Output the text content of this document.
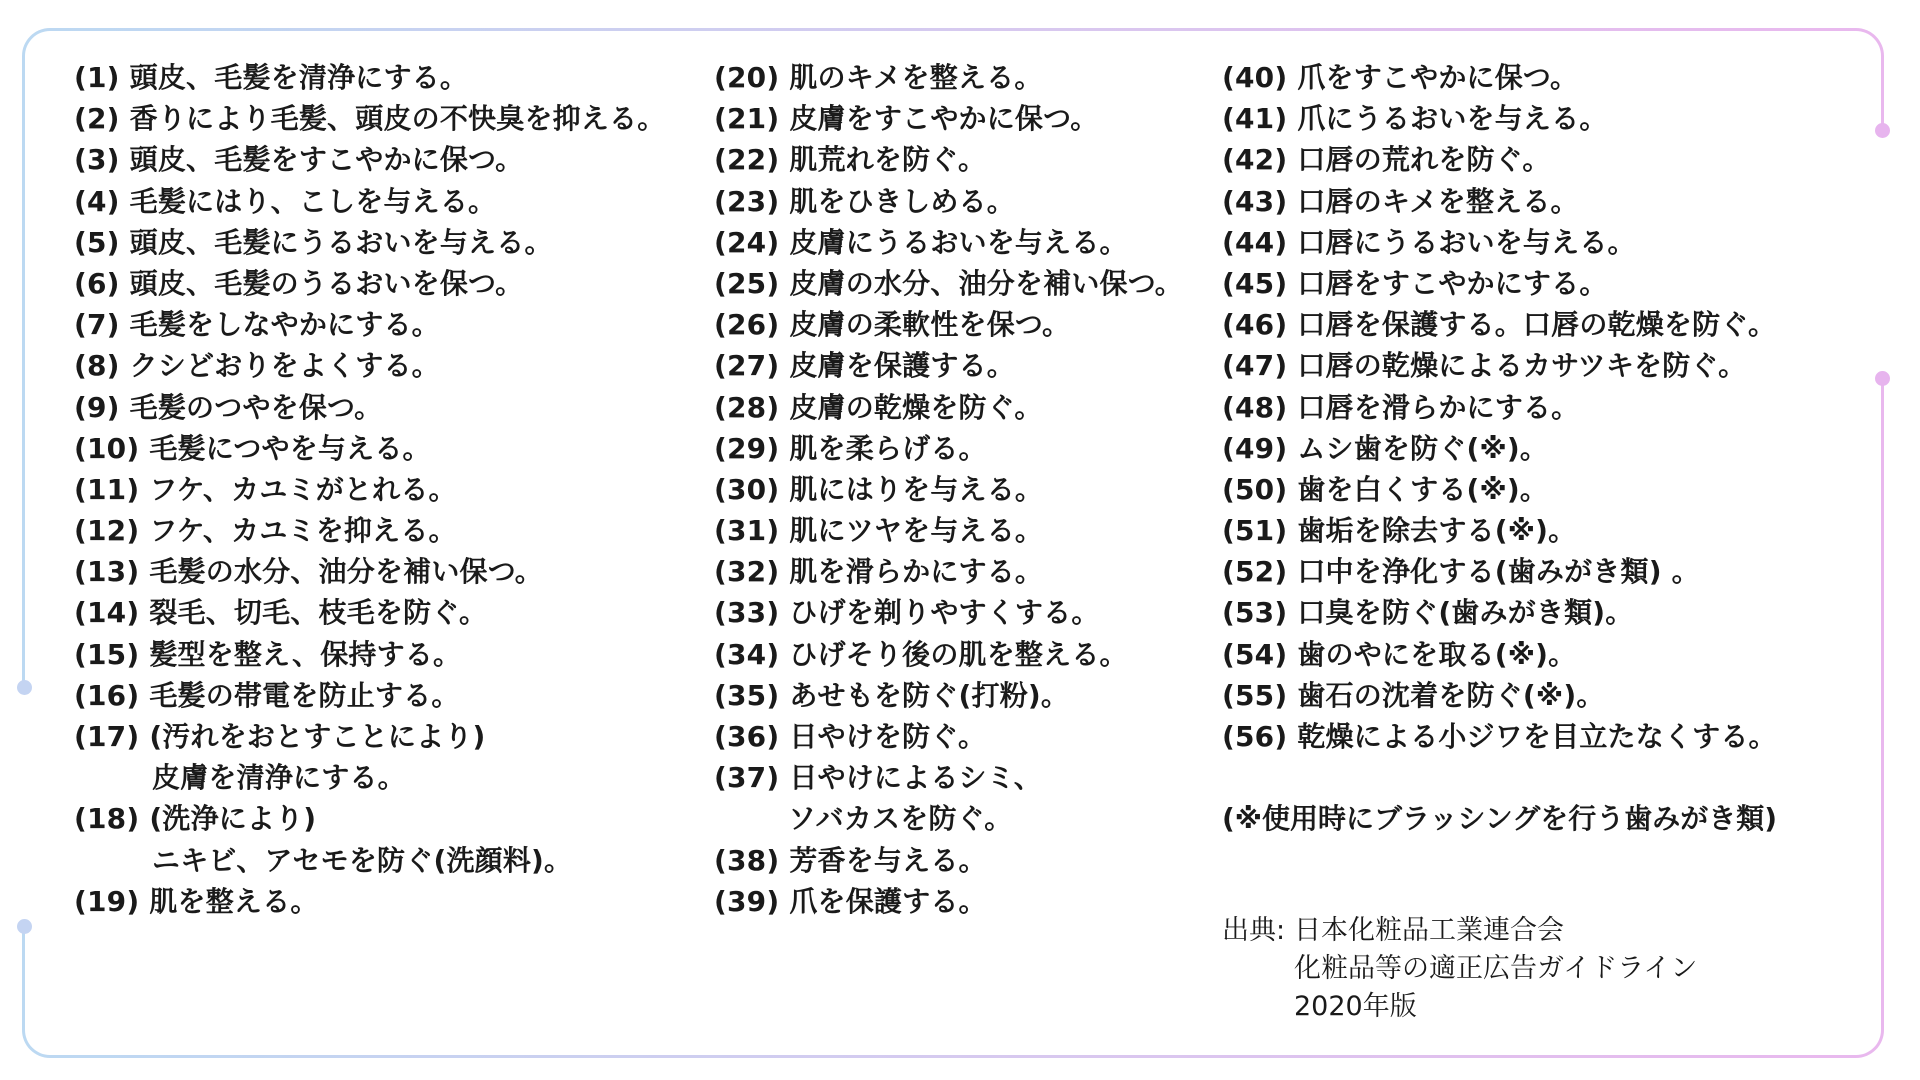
(1) 頭皮、毛髪を清浄にする。
(2) 香りにより毛髪、頭皮の不快臭を抑える。
(3) 頭皮、毛髪をすこやかに保つ。
(4) 毛髪にはり、こしを与える。
(5) 頭皮、毛髪にうるおいを与える。
(6) 頭皮、毛髪のうるおいを保つ。
(7) 毛髪をしなやかにする。
(8) クシどおりをよくする。
(9) 毛髪のつやを保つ。
(10) 毛髪につやを与える。
(11) フケ、カユミがとれる。
(12) フケ、カユミを抑える。
(13) 毛髪の水分、油分を補い保つ。
(14) 裂毛、切毛、枝毛を防ぐ。
(15) 髪型を整え、保持する。
(16) 毛髪の帯電を防止する。
(17) (汚れをおとすことにより)
皮膚を清浄にする。
(18) (洗浄により)
ニキビ、アセモを防ぐ(洗顔料)。
(19) 肌を整える。
(20) 肌のキメを整える。
(21) 皮膚をすこやかに保つ。
(22) 肌荒れを防ぐ。
(23) 肌をひきしめる。
(24) 皮膚にうるおいを与える。
(25) 皮膚の水分、油分を補い保つ。
(26) 皮膚の柔軟性を保つ。
(27) 皮膚を保護する。
(28) 皮膚の乾燥を防ぐ。
(29) 肌を柔らげる。
(30) 肌にはりを与える。
(31) 肌にツヤを与える。
(32) 肌を滑らかにする。
(33) ひげを剃りやすくする。
(34) ひげそり後の肌を整える。
(35) あせもを防ぐ(打粉)。
(36) 日やけを防ぐ。
(37) 日やけによるシミ、
ソバカスを防ぐ。
(38) 芳香を与える。
(39) 爪を保護する。
(40) 爪をすこやかに保つ。
(41) 爪にうるおいを与える。
(42) 口唇の荒れを防ぐ。
(43) 口唇のキメを整える。
(44) 口唇にうるおいを与える。
(45) 口唇をすこやかにする。
(46) 口唇を保護する。口唇の乾燥を防ぐ。
(47) 口唇の乾燥によるカサツキを防ぐ。
(48) 口唇を滑らかにする。
(49) ムシ歯を防ぐ(※)。
(50) 歯を白くする(※)。
(51) 歯垢を除去する(※)。
(52) 口中を浄化する(歯みがき類) 。
(53) 口臭を防ぐ(歯みがき類)。
(54) 歯のやにを取る(※)。
(55) 歯石の沈着を防ぐ(※)。
(56) 乾燥による小ジワを目立たなくする。
(※使用時にブラッシングを行う歯みがき類)
出典: 日本化粧品工業連合会
化粧品等の適正広告ガイドライン
2020年版
